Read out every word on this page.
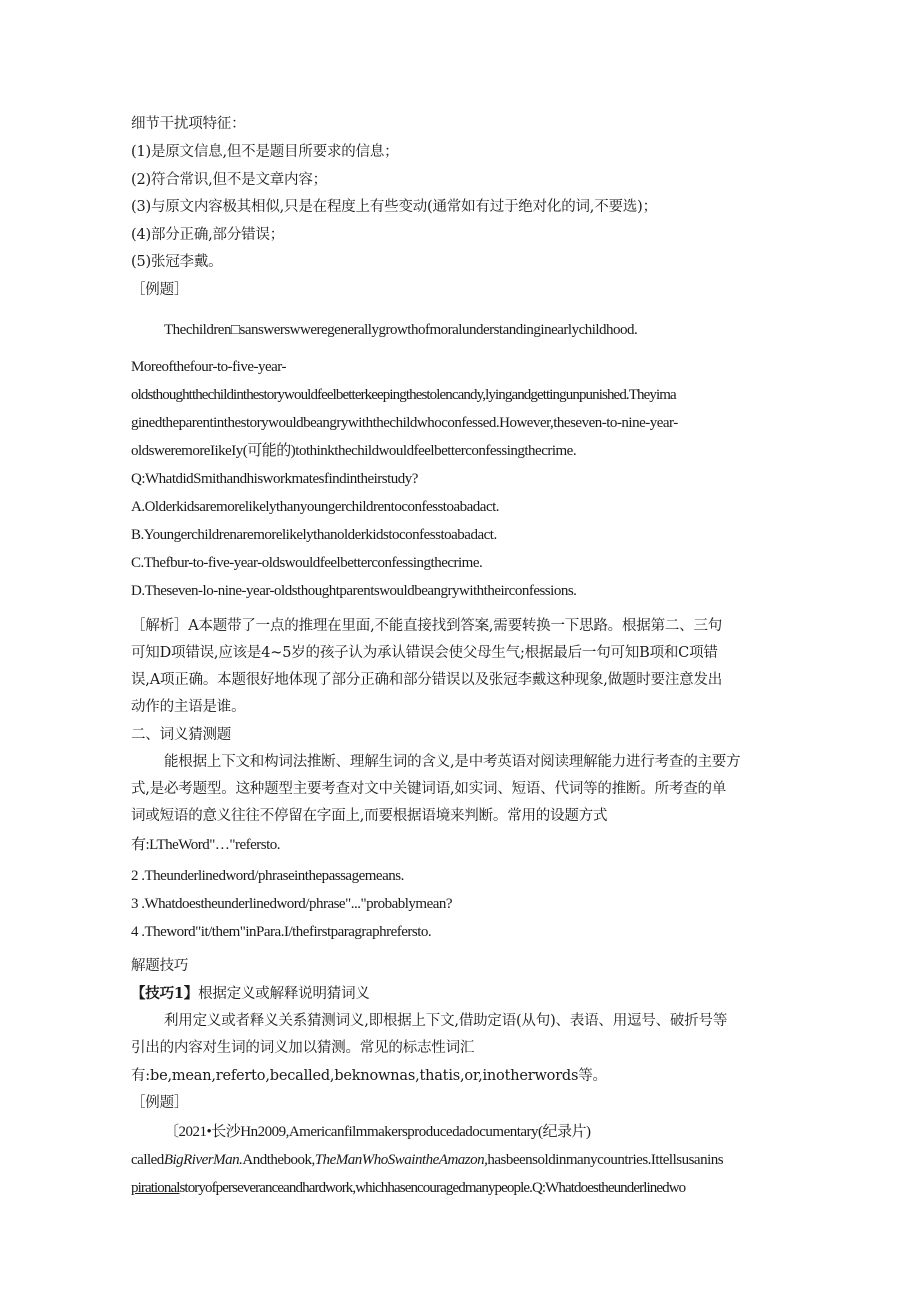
细节干扰项特征：
(1)是原文信息,但不是题目所要求的信息；
(2)符合常识,但不是文章内容；
(3)与原文内容极其相似,只是在程度上有些变动(通常如有过于绝对化的词,不要选)；
(4)部分正确,部分错误；
(5)张冠李戴。
［例题］
Thechildren□sanswerswweregenerallygrowthofmoralunderstandinginearlychildhood.
Moreofthefour-to-five-year-
oldsthoughtthechildinthestorywouldfeelbetterkeepingthestolencandy,lyingandgettingunpunished.Theyima
ginedtheparentinthestorywouldbeangrywiththechildwhoconfessed.However,theseven-to-nine-year-
oldsweremoreIikeIy(可能的)tothinkthechildwouldfeelbetterconfessingthecrime.
Q:WhatdidSmithandhisworkmatesfindintheirstudy?
A.Olderkidsaremorelikelythanyoungerchildrentoconfesstoabadact.
B.Youngerchildrenaremorelikelythanolderkidstoconfesstoabadact.
C.Thefbur-to-five-year-oldswouldfeelbetterconfessingthecrime.
D.Theseven-lo-nine-year-oldsthoughtparentswouldbeangrywiththeirconfessions.
［解析］A本题带了一点的推理在里面,不能直接找到答案,需要转换一下思路。根据第二、三句
可知D项错误,应该是4~5岁的孩子认为承认错误会使父母生气;根据最后一句可知B项和C项错
误,A项正确。本题很好地体现了部分正确和部分错误以及张冠李戴这种现象,做题时要注意发出
动作的主语是谁。
二、词义猜测题
能根据上下文和构词法推断、理解生词的含义,是中考英语对阅读理解能力进行考查的主要方
式,是必考题型。这种题型主要考查对文中关键词语,如实词、短语、代词等的推断。所考查的单
词或短语的意义往往不停留在字面上,而要根据语境来判断。常用的设题方式
有:LTheWord"…"refersto.
2 .Theunderlinedword/phraseinthepassagemeans.
3 .Whatdoestheunderlinedword/phrase"..."probablymean?
4 .Theword"it/them"inPara.I/thefirstparagraphrefersto.
解题技巧
【技巧1】根据定义或解释说明猜词义
利用定义或者释义关系猜测词义,即根据上下文,借助定语(从句)、表语、用逗号、破折号等
引出的内容对生词的词义加以猜测。常见的标志性词汇
有:be,mean,referto,becalled,beknownas,thatis,or,inotherwords等。
［例题］
〔2021•长沙Hn2009,Americanfilmmakersproducedadocumentary(纪录片)
calledBigRiverMan.Andthebook,TheManWhoSwaintheAmazon,hasbeensoldinmanycountries.Ittellsusanins
pirationalstoryofperseveranceandhardwork,whichhasencouragedmanypeople.Q:Whatdoestheunderlinedwo
